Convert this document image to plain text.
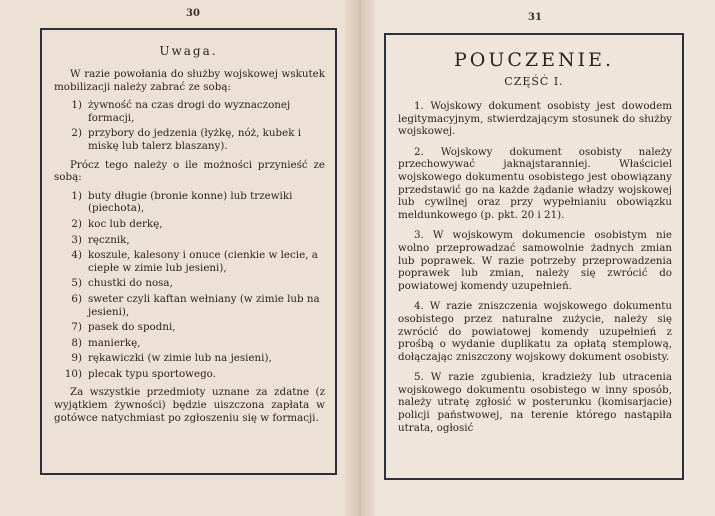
30
Uwaga.

W razie powołania do służby wojskowej wskutek mobilizacji należy zabrać ze sobą:

1) żywność na czas drogi do wyznaczonej formacji,
2) przybory do jedzenia (łyżkę, nóż, kubek i miskę lub talerz blaszany).

Prócz tego należy o ile możności przynieść ze sobą:

1) buty długie (bronie konne) lub trzewiki (piechota),
2) koc lub derkę,
3) ręcznik,
4) koszule, kalesony i onuce (cienkie w lecie, a ciepłe w zimie lub jesieni),
5) chustki do nosa,
6) sweter czyli kaftan wełniany (w zimie lub na jesieni),
7) pasek do spodni,
8) manierkę,
9) rękawiczki (w zimie lub na jesieni),
10) plecak typu sportowego.

Za wszystkie przedmioty uznane za zdatne (z wyjątkiem żywności) będzie uiszczona zapłata w gotówce natychmiast po zgłoszeniu się w formacji.

31
POUCZENIE.
CZĘŚĆ I.

1. Wojskowy dokument osobisty jest dowodem legitymacyjnym, stwierdzającym stosunek do służby wojskowej.

2. Wojskowy dokument osobisty należy przechowywać jaknajstaranniej. Właściciel wojskowego dokumentu osobistego jest obowiązany przedstawić go na każde żądanie władzy wojskowej lub cywilnej oraz przy wypełnianiu obowiązku meldunkowego (p. pkt. 20 i 21).

3. W wojskowym dokumencie osobistym nie wolno przeprowadzać samowolnie żadnych zmian lub poprawek. W razie potrzeby przeprowadzenia poprawek lub zmian, należy się zwrócić do powiatowej komendy uzupełnień.

4. W razie zniszczenia wojskowego dokumentu osobistego przez naturalne zużycie, należy się zwrócić do powiatowej komendy uzupełnień z prośbą o wydanie duplikatu za opłatą stemplową, dołączając zniszczony wojskowy dokument osobisty.

5. W razie zgubienia, kradzieży lub utracenia wojskowego dokumentu osobistego w inny sposób, należy utratę zgłosić w posterunku (komisarjacie) policji państwowej, na terenie którego nastąpiła utrata, ogłosić
